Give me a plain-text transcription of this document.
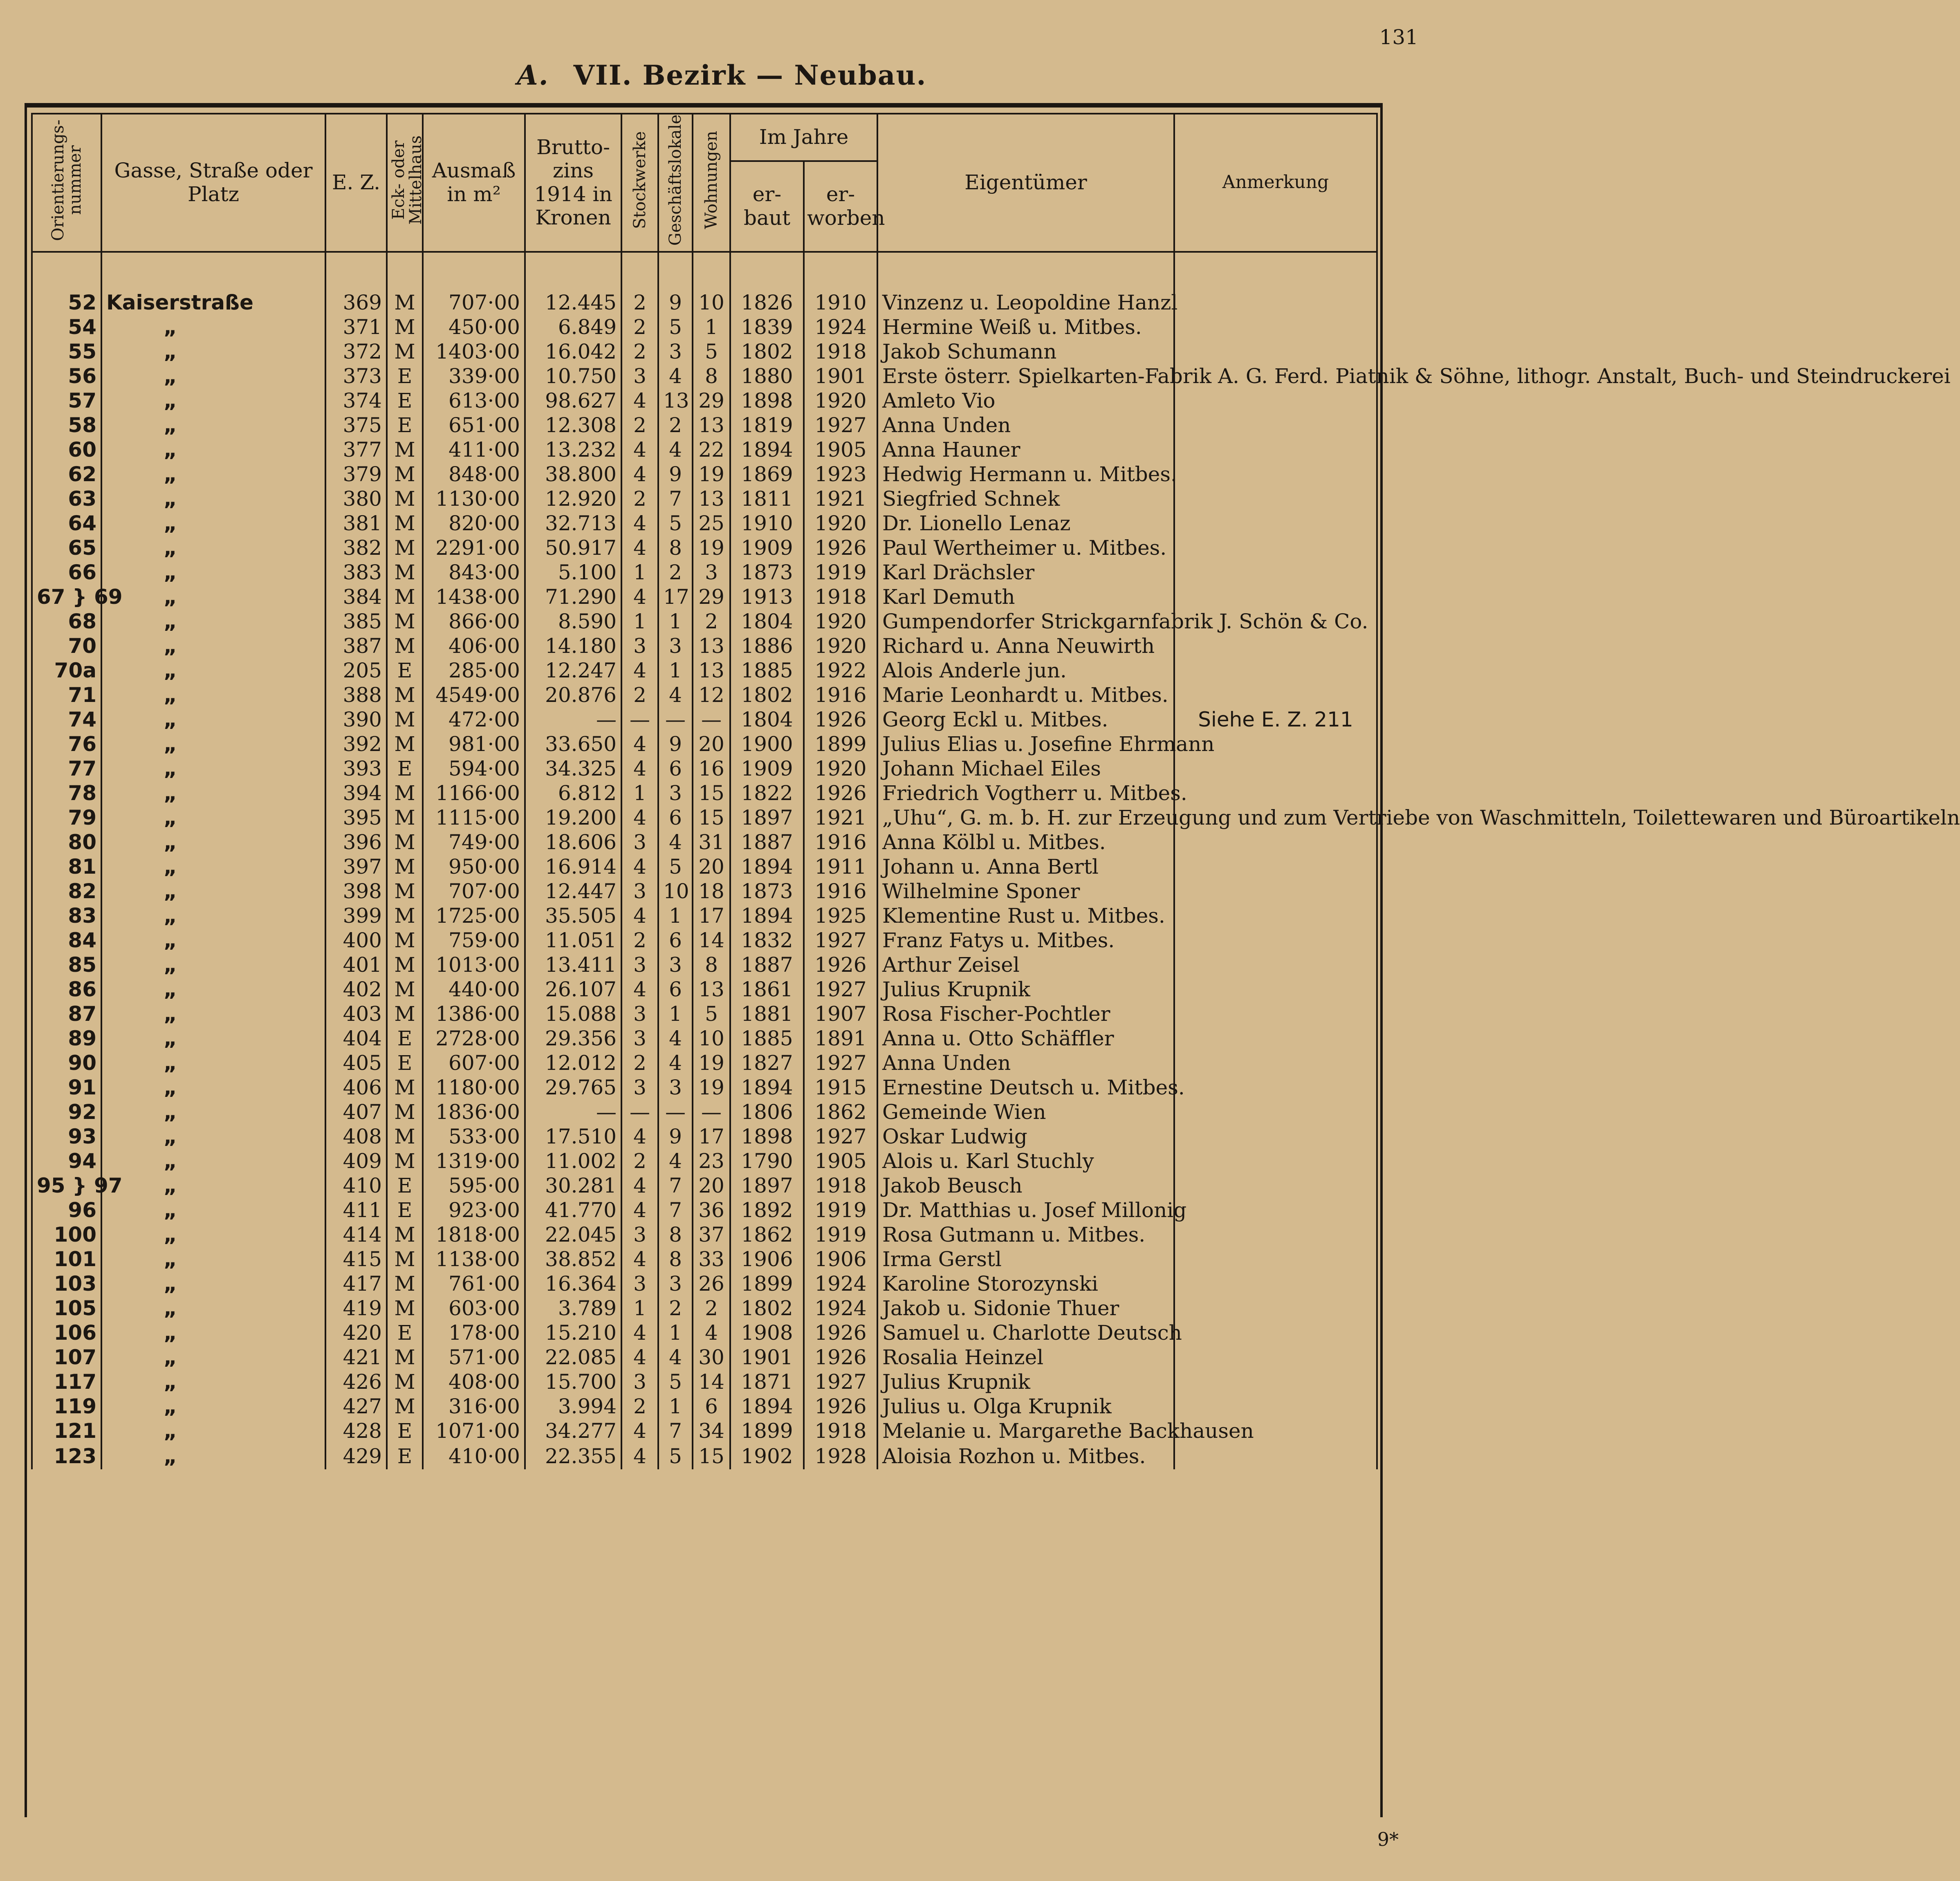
131
A. VII. Bezirk — Neubau.
Orientierungs-nummer	Gasse, Straße oder Platz	E. Z.	Eck- oder Mittelhaus	Ausmaß in m²	Brutto-zins 1914 in Kronen	Stockwerke	Geschäftslokale	Wohnungen	Im Jahre		Eigentümer	Anmerkung
									er-baut	er-worben		

52	Kaiserstraße	369	M	707·00	12.445	2	9	10	1826	1910	Vinzenz u. Leopoldine Hanzl	
54	„	371	M	450·00	6.849	2	5	1	1839	1924	Hermine Weiß u. Mitbes.	
55	„	372	M	1403·00	16.042	2	3	5	1802	1918	Jakob Schumann	
56	„	373	E	339·00	10.750	3	4	8	1880	1901	Erste österr. Spielkarten-Fabrik A. G. Ferd. Piatnik & Söhne, lithogr. Anstalt, Buch- und Steindruckerei	
57	„	374	E	613·00	98.627	4	13	29	1898	1920	Amleto Vio	
58	„	375	E	651·00	12.308	2	2	13	1819	1927	Anna Unden	
60	„	377	M	411·00	13.232	4	4	22	1894	1905	Anna Hauner	
62	„	379	M	848·00	38.800	4	9	19	1869	1923	Hedwig Hermann u. Mitbes.	
63	„	380	M	1130·00	12.920	2	7	13	1811	1921	Siegfried Schnek	
64	„	381	M	820·00	32.713	4	5	25	1910	1920	Dr. Lionello Lenaz	
65	„	382	M	2291·00	50.917	4	8	19	1909	1926	Paul Wertheimer u. Mitbes.	
66	„	383	M	843·00	5.100	1	2	3	1873	1919	Karl Drächsler	
67 } 69	„	384	M	1438·00	71.290	4	17	29	1913	1918	Karl Demuth	
68	„	385	M	866·00	8.590	1	1	2	1804	1920	Gumpendorfer Strickgarnfabrik J. Schön & Co.	
70	„	387	M	406·00	14.180	3	3	13	1886	1920	Richard u. Anna Neuwirth	
70a	„	205	E	285·00	12.247	4	1	13	1885	1922	Alois Anderle jun.	
71	„	388	M	4549·00	20.876	2	4	12	1802	1916	Marie Leonhardt u. Mitbes.	
74	„	390	M	472·00	—	—	—	—	1804	1926	Georg Eckl u. Mitbes.	Siehe E. Z. 211
76	„	392	M	981·00	33.650	4	9	20	1900	1899	Julius Elias u. Josefine Ehrmann	
77	„	393	E	594·00	34.325	4	6	16	1909	1920	Johann Michael Eiles	
78	„	394	M	1166·00	6.812	1	3	15	1822	1926	Friedrich Vogtherr u. Mitbes.	
79	„	395	M	1115·00	19.200	4	6	15	1897	1921	„Uhu“, G. m. b. H. zur Erzeugung und zum Vertriebe von Waschmitteln, Toilettewaren und Büroartikeln	
80	„	396	M	749·00	18.606	3	4	31	1887	1916	Anna Kölbl u. Mitbes.	
81	„	397	M	950·00	16.914	4	5	20	1894	1911	Johann u. Anna Bertl	
82	„	398	M	707·00	12.447	3	10	18	1873	1916	Wilhelmine Sponer	
83	„	399	M	1725·00	35.505	4	1	17	1894	1925	Klementine Rust u. Mitbes.	
84	„	400	M	759·00	11.051	2	6	14	1832	1927	Franz Fatys u. Mitbes.	
85	„	401	M	1013·00	13.411	3	3	8	1887	1926	Arthur Zeisel	
86	„	402	M	440·00	26.107	4	6	13	1861	1927	Julius Krupnik	
87	„	403	M	1386·00	15.088	3	1	5	1881	1907	Rosa Fischer-Pochtler	
89	„	404	E	2728·00	29.356	3	4	10	1885	1891	Anna u. Otto Schäffler	
90	„	405	E	607·00	12.012	2	4	19	1827	1927	Anna Unden	
91	„	406	M	1180·00	29.765	3	3	19	1894	1915	Ernestine Deutsch u. Mitbes.	
92	„	407	M	1836·00	—	—	—	—	1806	1862	Gemeinde Wien	
93	„	408	M	533·00	17.510	4	9	17	1898	1927	Oskar Ludwig	
94	„	409	M	1319·00	11.002	2	4	23	1790	1905	Alois u. Karl Stuchly	
95 } 97	„	410	E	595·00	30.281	4	7	20	1897	1918	Jakob Beusch	
96	„	411	E	923·00	41.770	4	7	36	1892	1919	Dr. Matthias u. Josef Millonig	
100	„	414	M	1818·00	22.045	3	8	37	1862	1919	Rosa Gutmann u. Mitbes.	
101	„	415	M	1138·00	38.852	4	8	33	1906	1906	Irma Gerstl	
103	„	417	M	761·00	16.364	3	3	26	1899	1924	Karoline Storozynski	
105	„	419	M	603·00	3.789	1	2	2	1802	1924	Jakob u. Sidonie Thuer	
106	„	420	E	178·00	15.210	4	1	4	1908	1926	Samuel u. Charlotte Deutsch	
107	„	421	M	571·00	22.085	4	4	30	1901	1926	Rosalia Heinzel	
117	„	426	M	408·00	15.700	3	5	14	1871	1927	Julius Krupnik	
119	„	427	M	316·00	3.994	2	1	6	1894	1926	Julius u. Olga Krupnik	
121	„	428	E	1071·00	34.277	4	7	34	1899	1918	Melanie u. Margarethe Backhausen	
123	„	429	E	410·00	22.355	4	5	15	1902	1928	Aloisia Rozhon u. Mitbes.	
9*
